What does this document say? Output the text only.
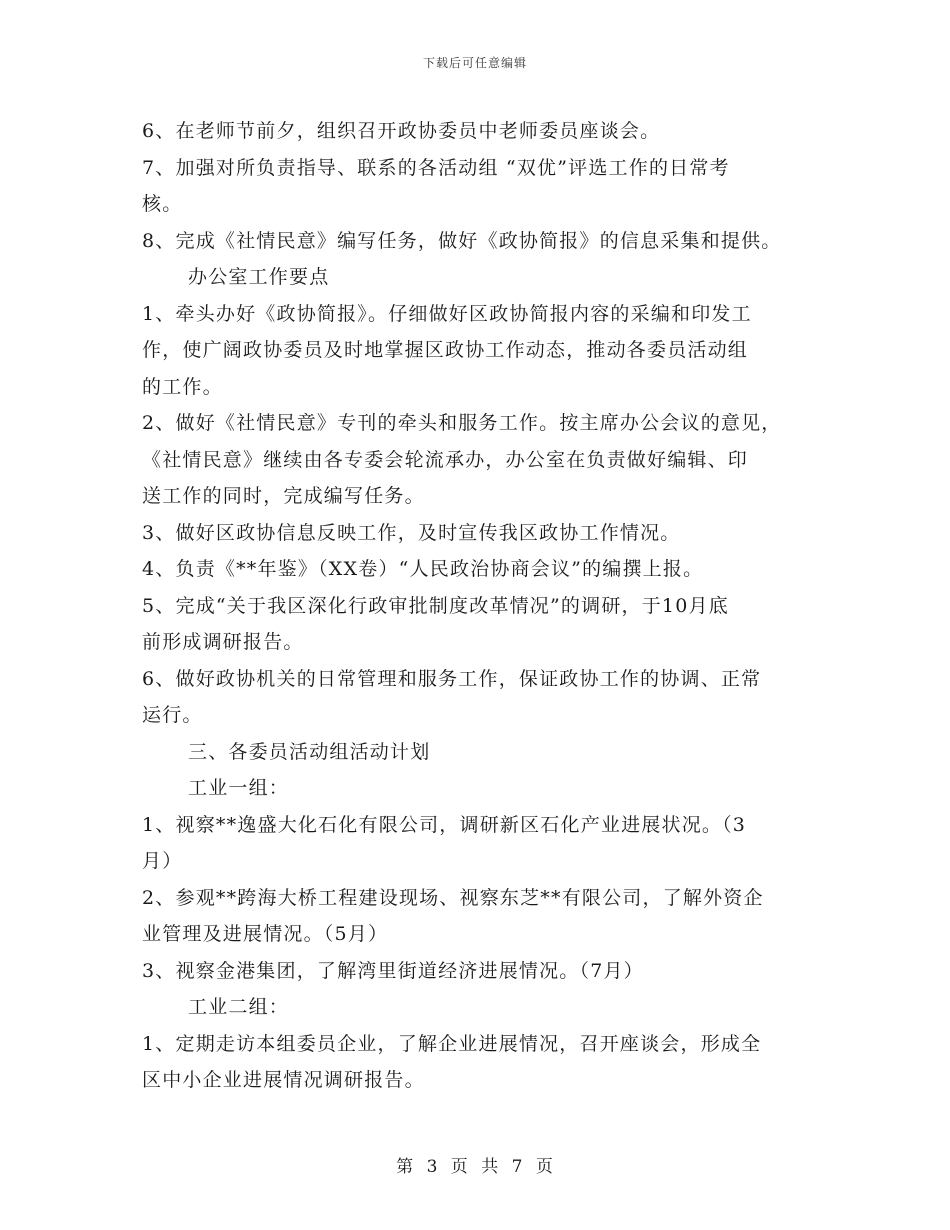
下载后可任意编辑
6、在老师节前夕，组织召开政协委员中老师委员座谈会。
7、加强对所负责指导、联系的各活动组 “双优”评选工作的日常考
核。
8、完成《社情民意》编写任务，做好《政协简报》的信息采集和提供。
办公室工作要点
1、牵头办好《政协简报》。仔细做好区政协简报内容的采编和印发工
作，使广阔政协委员及时地掌握区政协工作动态，推动各委员活动组
的工作。
2、做好《社情民意》专刊的牵头和服务工作。按主席办公会议的意见，
《社情民意》继续由各专委会轮流承办，办公室在负责做好编辑、印
送工作的同时，完成编写任务。
3、做好区政协信息反映工作，及时宣传我区政协工作情况。
4、负责《**年鉴》（XX卷）“人民政治协商会议”的编撰上报。
5、完成“关于我区深化行政审批制度改革情况”的调研，于10月底
前形成调研报告。
6、做好政协机关的日常管理和服务工作，保证政协工作的协调、正常
运行。
三、各委员活动组活动计划
工业一组：
1、视察**逸盛大化石化有限公司，调研新区石化产业进展状况。（3
月）
2、参观**跨海大桥工程建设现场、视察东芝**有限公司，了解外资企
业管理及进展情况。（5月）
3、视察金港集团，了解湾里街道经济进展情况。（7月）
工业二组：
1、定期走访本组委员企业，了解企业进展情况，召开座谈会，形成全
区中小企业进展情况调研报告。
第 3 页 共 7 页
